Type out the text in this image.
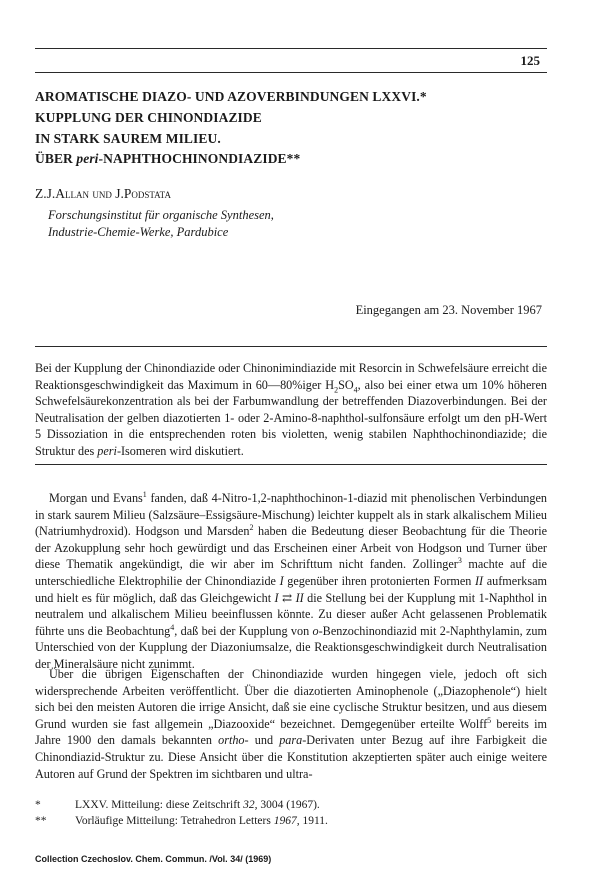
125
AROMATISCHE DIAZO- UND AZOVERBINDUNGEN LXXVI.*
KUPPLUNG DER CHINONDIAZIDE
IN STARK SAUREM MILIEU.
ÜBER peri-NAPHTHOCHINONDIAZIDE**
Z.J.Allan und J.Podstata
Forschungsinstitut für organische Synthesen,
Industrie-Chemie-Werke, Pardubice
Eingegangen am 23. November 1967

Bei der Kupplung der Chinondiazide oder Chinonimindiazide mit Resorcin in Schwefelsäure erreicht die Reaktionsgeschwindigkeit das Maximum in 60—80%iger $H_2SO_4$, also bei einer etwa um 10% höheren Schwefelsäurekonzentration als bei der Farbumwandlung der betreffenden Diazoverbindungen. Bei der Neutralisation der gelben diazotierten 1- oder 2-Amino-8-naphthol-sulfonsäure erfolgt um den pH-Wert 5 Dissoziation in die entsprechenden roten bis violetten, wenig stabilen Naphthochinondiazide; die Struktur des peri-Isomeren wird diskutiert.

Morgan und Evans$^1$ fanden, daß 4-Nitro-1,2-naphthochinon-1-diazid mit phenolischen Verbindungen in stark saurem Milieu (Salzsäure–Essigsäure-Mischung) leichter kuppelt als in stark alkalischem Milieu (Natriumhydroxid). Hodgson und Marsden$^2$ haben die Bedeutung dieser Beobachtung für die Theorie der Azokupplung sehr hoch gewürdigt und das Erscheinen einer Arbeit von Hodgson und Turner über diese Thematik angekündigt, die wir aber im Schrifttum nicht fanden. Zollinger$^3$ machte auf die unterschiedliche Elektrophilie der Chinondiazide I gegenüber ihren protonierten Formen II aufmerksam und hielt es für möglich, daß das Gleichgewicht I ⇄ II die Stellung bei der Kupplung mit 1-Naphthol in neutralem und alkalischem Milieu beeinflussen könnte. Zu dieser außer Acht gelassenen Problematik führte uns die Beobachtung$^4$, daß bei der Kupplung von o-Benzochinondiazid mit 2-Naphthylamin, zum Unterschied von der Kupplung der Diazoniumsalze, die Reaktionsgeschwindigkeit durch Neutralisation der Mineralsäure nicht zunimmt.

Über die übrigen Eigenschaften der Chinondiazide wurden hingegen viele, jedoch oft sich widersprechende Arbeiten veröffentlicht. Über die diazotierten Aminophenole („Diazophenole“) hielt sich bei den meisten Autoren die irrige Ansicht, daß sie eine cyclische Struktur besitzen, und aus diesem Grund wurden sie fast allgemein „Diazooxide“ bezeichnet. Demgegenüber erteilte Wolff$^5$ bereits im Jahre 1900 den damals bekannten ortho- und para-Derivaten unter Bezug auf ihre Farbigkeit die Chinondiazid-Struktur zu. Diese Ansicht über die Konstitution akzeptierten später auch einige weitere Autoren auf Grund der Spektren im sichtbaren und ultra-

*	LXXV. Mitteilung: diese Zeitschrift 32, 3004 (1967).
** Vorläufige Mitteilung: Tetrahedron Letters 1967, 1911.
Collection Czechoslov. Chem. Commun. /Vol. 34/ (1969)
